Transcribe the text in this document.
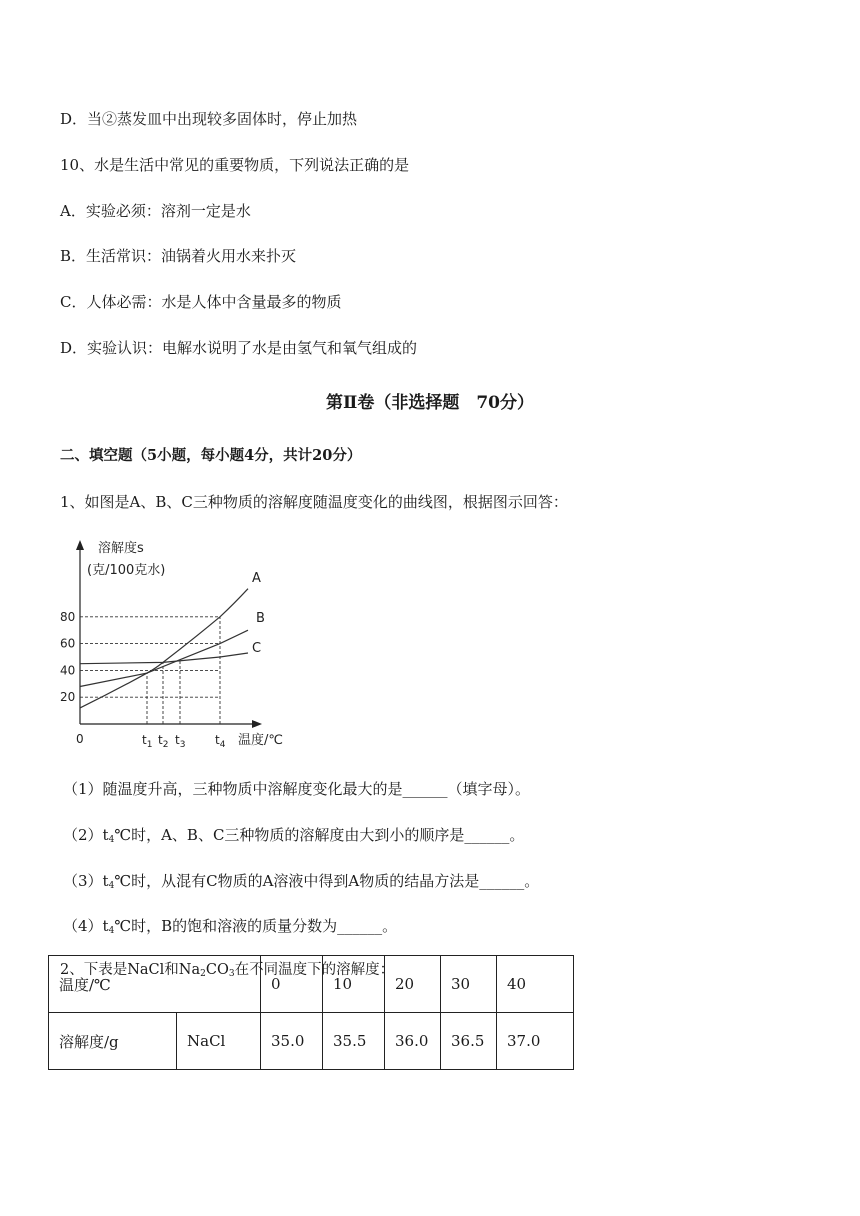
D．当②蒸发皿中出现较多固体时，停止加热
10、水是生活中常见的重要物质，下列说法正确的是
A．实验必须：溶剂一定是水
B．生活常识：油锅着火用水来扑灭
C．人体必需：水是人体中含量最多的物质
D．实验认识：电解水说明了水是由氢气和氧气组成的
第Ⅱ卷（非选择题　70分）
二、填空题（5小题，每小题4分，共计20分）
1、如图是A、B、C三种物质的溶解度随温度变化的曲线图，根据图示回答：
溶解度s
(克/100克水)
温度/℃
0
20
40
60
80
$t_1$ $t_2$ $t_3$ $t_4$
A
B
C
（1）随温度升高，三种物质中溶解度变化最大的是______（填字母）。
$(2)t_4℃$时，A、B、C三种物质的溶解度由大到小的顺序是______。
$(3)t_4℃$时，从混有C物质的A溶液中得到A物质的结晶方法是______。
$(4)t_4℃$时，B的饱和溶液的质量分数为______。
2、下表是NaCl和$Na_2CO_3$在不同温度下的溶解度：
温度/℃		0	10	20	30	40
溶解度/g	NaCl	35.0	35.5	36.0	36.5	37.0
